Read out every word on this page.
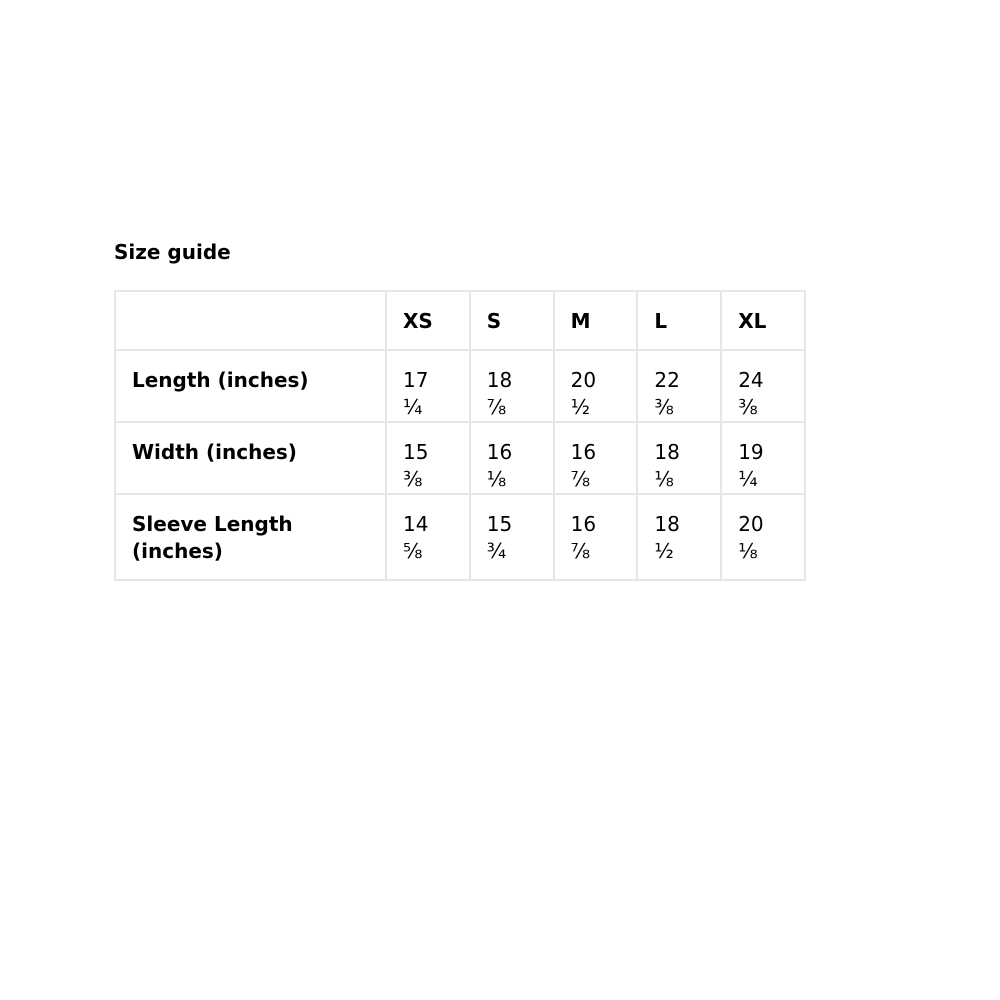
Size guide
	XS	S	M	L	XL
Length (inches)	17 ¼	18 ⅞	20 ½	22 ⅜	24 ⅜
Width (inches)	15 ⅜	16 ⅛	16 ⅞	18 ⅛	19 ¼
Sleeve Length (inches)	14 ⅝	15 ¾	16 ⅞	18 ½	20 ⅛
